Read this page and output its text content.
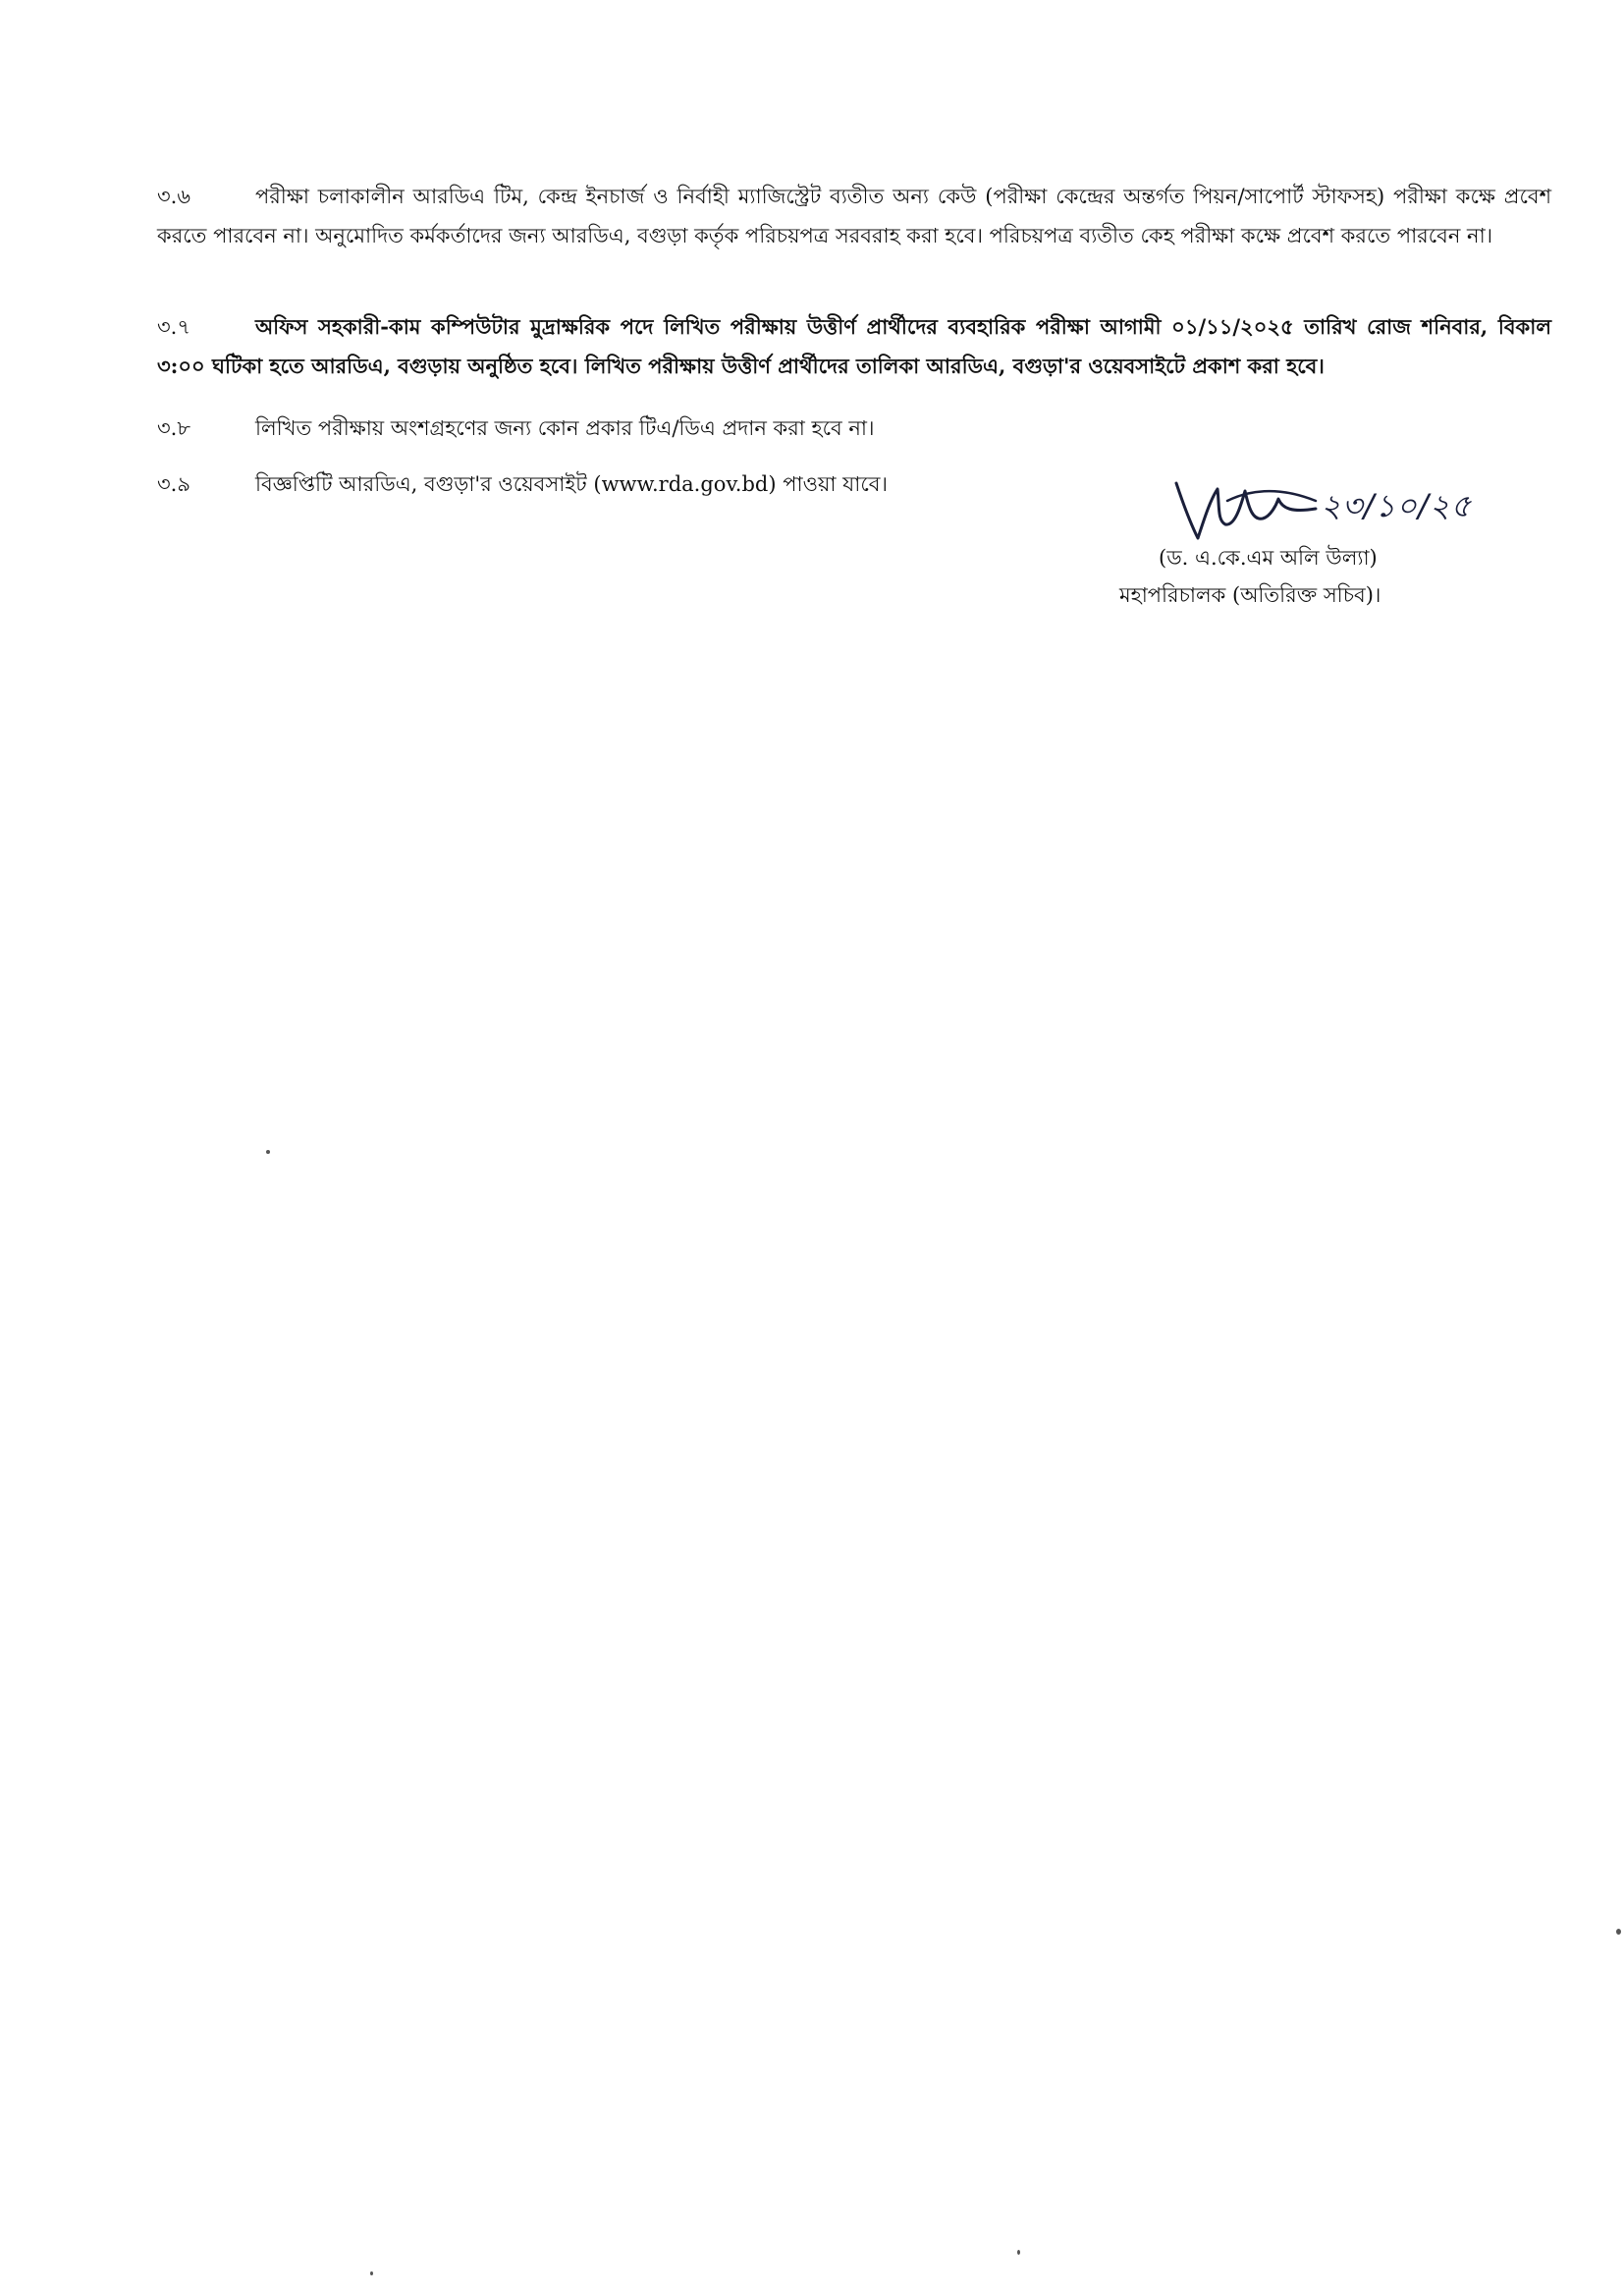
৩.৬	পরীক্ষা চলাকালীন আরডিএ টিম, কেন্দ্র ইনচার্জ ও নির্বাহী ম্যাজিস্ট্রেট ব্যতীত অন্য কেউ (পরীক্ষা কেন্দ্রের অন্তর্গত পিয়ন/সাপোর্ট স্টাফসহ) পরীক্ষা কক্ষে প্রবেশ করতে পারবেন না। অনুমোদিত কর্মকর্তাদের জন্য আরডিএ, বগুড়া কর্তৃক পরিচয়পত্র সরবরাহ করা হবে। পরিচয়পত্র ব্যতীত কেহ পরীক্ষা কক্ষে প্রবেশ করতে পারবেন না।
৩.৭	অফিস সহকারী-কাম কম্পিউটার মুদ্রাক্ষরিক পদে লিখিত পরীক্ষায় উত্তীর্ণ প্রার্থীদের ব্যবহারিক পরীক্ষা আগামী ০১/১১/২০২৫ তারিখ রোজ শনিবার, বিকাল ৩:০০ ঘটিকা হতে আরডিএ, বগুড়ায় অনুষ্ঠিত হবে। লিখিত পরীক্ষায় উত্তীর্ণ প্রার্থীদের তালিকা আরডিএ, বগুড়া'র ওয়েবসাইটে প্রকাশ করা হবে।
৩.৮	লিখিত পরীক্ষায় অংশগ্রহণের জন্য কোন প্রকার টিএ/ডিএ প্রদান করা হবে না।
৩.৯	বিজ্ঞপ্তিটি আরডিএ, বগুড়া'র ওয়েবসাইট (www.rda.gov.bd) পাওয়া যাবে।
২৩/১০/২৫
(ড. এ.কে.এম অলি উল্যা)
মহাপরিচালক (অতিরিক্ত সচিব)।
